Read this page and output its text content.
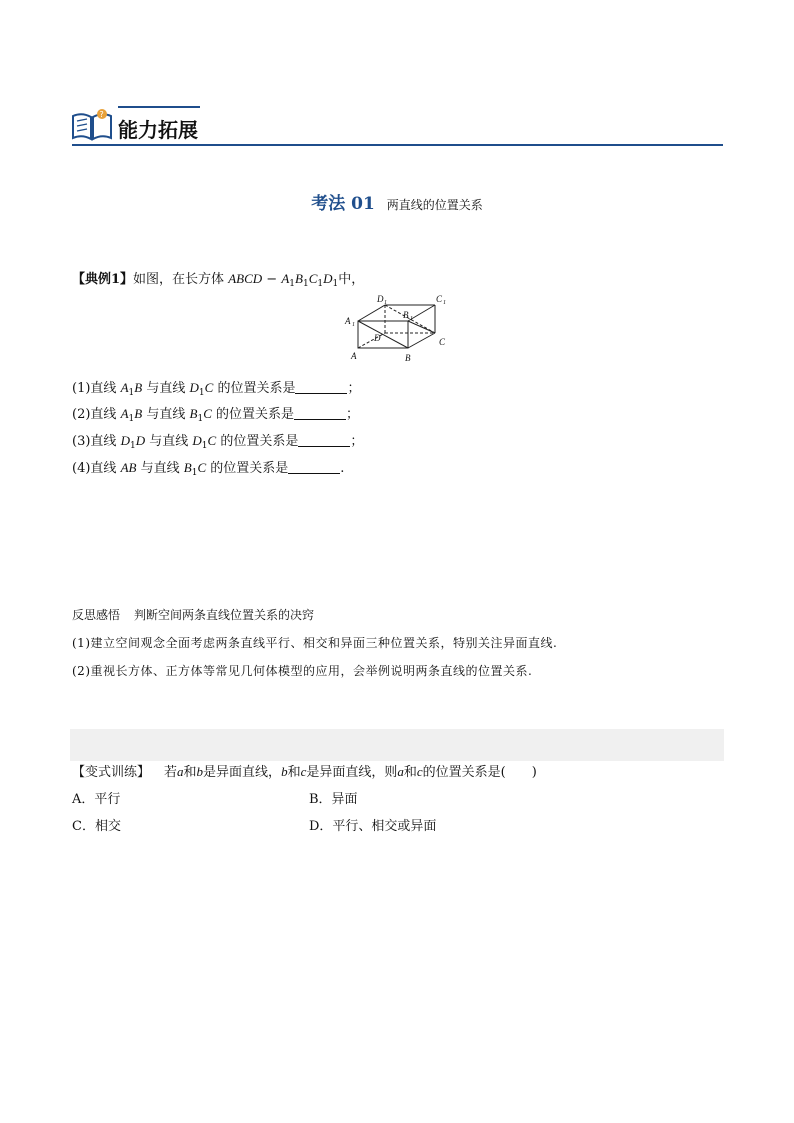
?
能力拓展
考法 01 两直线的位置关系
【典例1】如图，在长方体 ABCD − $A_1B_1C_1D_1$中，
D 1	C 1
A 1
B 1
D	C
A	B
(1)直线 $A_1B$ 与直线 $D_1C$ 的位置关系是	；
(2)直线 $A_1B$ 与直线 $B_1C$ 的位置关系是	；
(3)直线 $D_1D$ 与直线 $D_1C$ 的位置关系是	；
(4)直线 AB 与直线 $B_1C$ 的位置关系是	.
反思感悟 判断空间两条直线位置关系的决窍
(1)建立空间观念全面考虑两条直线平行、相交和异面三种位置关系，特别关注异面直线.
(2)重视长方体、正方体等常见几何体模型的应用，会举例说明两条直线的位置关系.
【变式训练】 若a和b是异面直线，b和c是异面直线，则a和c的位置关系是(　　)
A．平行	B．异面
C．相交	D．平行、相交或异面
